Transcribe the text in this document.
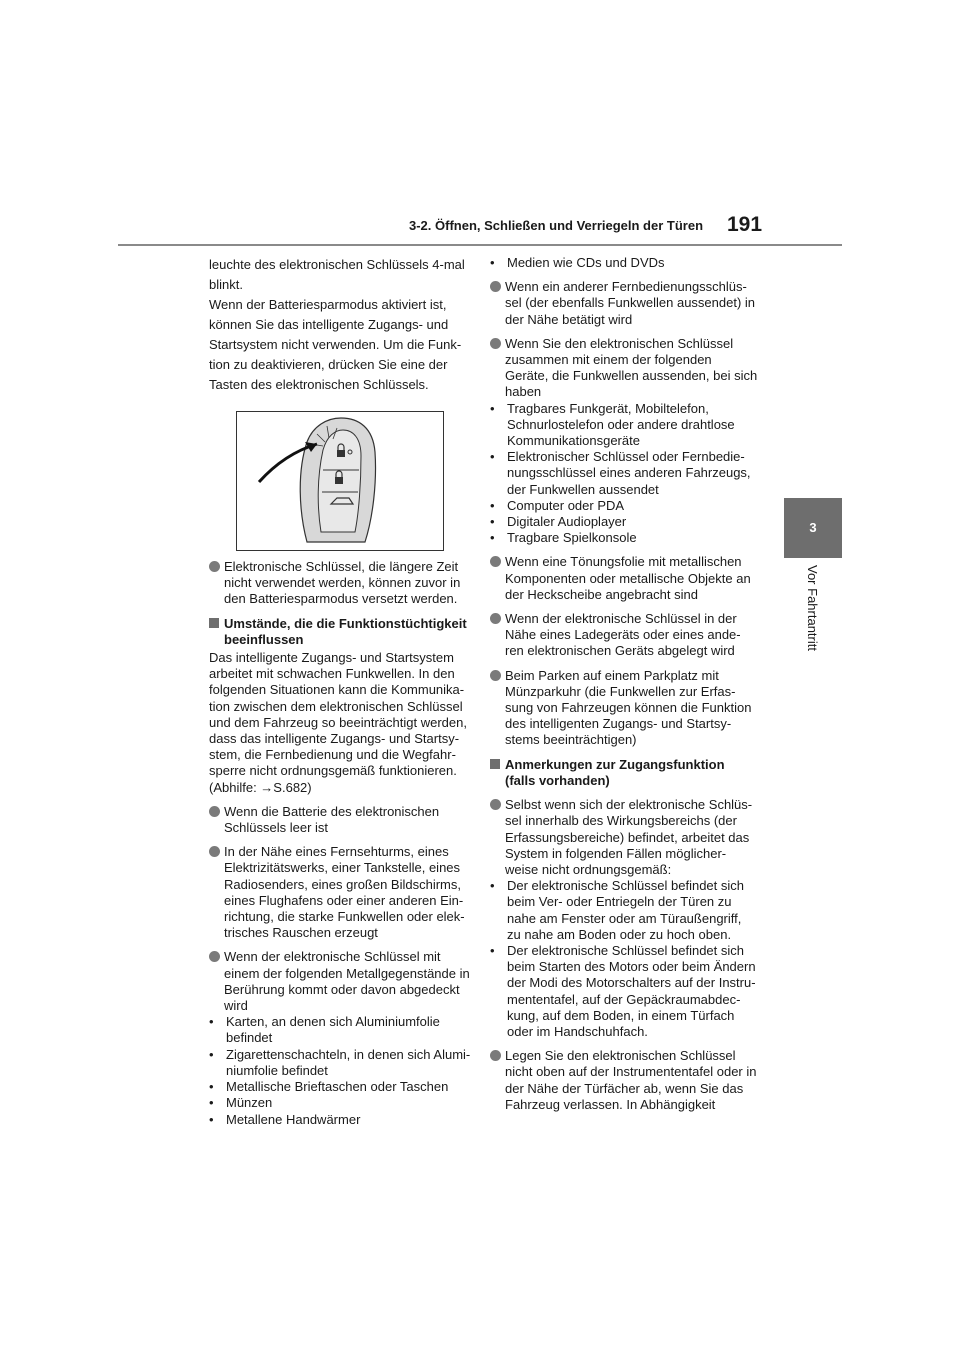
3-2. Öffnen, Schließen und Verriegeln der Türen 191
3
Vor Fahrtantritt
leuchte des elektronischen Schlüssels 4-mal
blinkt.
Wenn der Batteriesparmodus aktiviert ist,
können Sie das intelligente Zugangs- und
Startsystem nicht verwenden. Um die Funk-
tion zu deaktivieren, drücken Sie eine der
Tasten des elektronischen Schlüssels.
Elektronische Schlüssel, die längere Zeit nicht verwendet werden, können zuvor in den Batteriesparmodus versetzt werden.
Umstände, die die Funktionstüchtigkeit beeinflussen
Das intelligente Zugangs- und Startsystem arbeitet mit schwachen Funkwellen. In den folgenden Situationen kann die Kommunika-tion zwischen dem elektronischen Schlüssel und dem Fahrzeug so beeinträchtigt werden, dass das intelligente Zugangs- und Startsy-stem, die Fernbedienung und die Wegfahr-sperre nicht ordnungsgemäß funktionieren. (Abhilfe: →S.682)
Wenn die Batterie des elektronischen Schlüssels leer ist
In der Nähe eines Fernsehturms, eines Elektrizitätswerks, einer Tankstelle, eines Radiosenders, eines großen Bildschirms, eines Flughafens oder einer anderen Ein-richtung, die starke Funkwellen oder elek-trisches Rauschen erzeugt
Wenn der elektronische Schlüssel mit einem der folgenden Metallgegenstände in Berührung kommt oder davon abgedeckt wird
• Karten, an denen sich Aluminiumfolie befindet
• Zigarettenschachteln, in denen sich Alumi-niumfolie befindet
• Metallische Brieftaschen oder Taschen
• Münzen
• Metallene Handwärmer
• Medien wie CDs und DVDs
Wenn ein anderer Fernbedienungsschlüs-sel (der ebenfalls Funkwellen aussendet) in der Nähe betätigt wird
Wenn Sie den elektronischen Schlüssel zusammen mit einem der folgenden Geräte, die Funkwellen aussenden, bei sich haben
• Tragbares Funkgerät, Mobiltelefon, Schnurlostelefon oder andere drahtlose Kommunikationsgeräte
• Elektronischer Schlüssel oder Fernbedie-nungsschlüssel eines anderen Fahrzeugs, der Funkwellen aussendet
• Computer oder PDA
• Digitaler Audioplayer
• Tragbare Spielkonsole
Wenn eine Tönungsfolie mit metallischen Komponenten oder metallische Objekte an der Heckscheibe angebracht sind
Wenn der elektronische Schlüssel in der Nähe eines Ladegeräts oder eines ande-ren elektronischen Geräts abgelegt wird
Beim Parken auf einem Parkplatz mit Münzparkuhr (die Funkwellen zur Erfas-sung von Fahrzeugen können die Funktion des intelligenten Zugangs- und Startsy-stems beeinträchtigen)
Anmerkungen zur Zugangsfunktion (falls vorhanden)
Selbst wenn sich der elektronische Schlüs-sel innerhalb des Wirkungsbereichs (der Erfassungsbereiche) befindet, arbeitet das System in folgenden Fällen möglicher-weise nicht ordnungsgemäß:
• Der elektronische Schlüssel befindet sich beim Ver- oder Entriegeln der Türen zu nahe am Fenster oder am Türaußengriff, zu nahe am Boden oder zu hoch oben.
• Der elektronische Schlüssel befindet sich beim Starten des Motors oder beim Ändern der Modi des Motorschalters auf der Instru-mententafel, auf der Gepäckraumabdec-kung, auf dem Boden, in einem Türfach oder im Handschuhfach.
Legen Sie den elektronischen Schlüssel nicht oben auf der Instrumententafel oder in der Nähe der Türfächer ab, wenn Sie das Fahrzeug verlassen. In Abhängigkeit
